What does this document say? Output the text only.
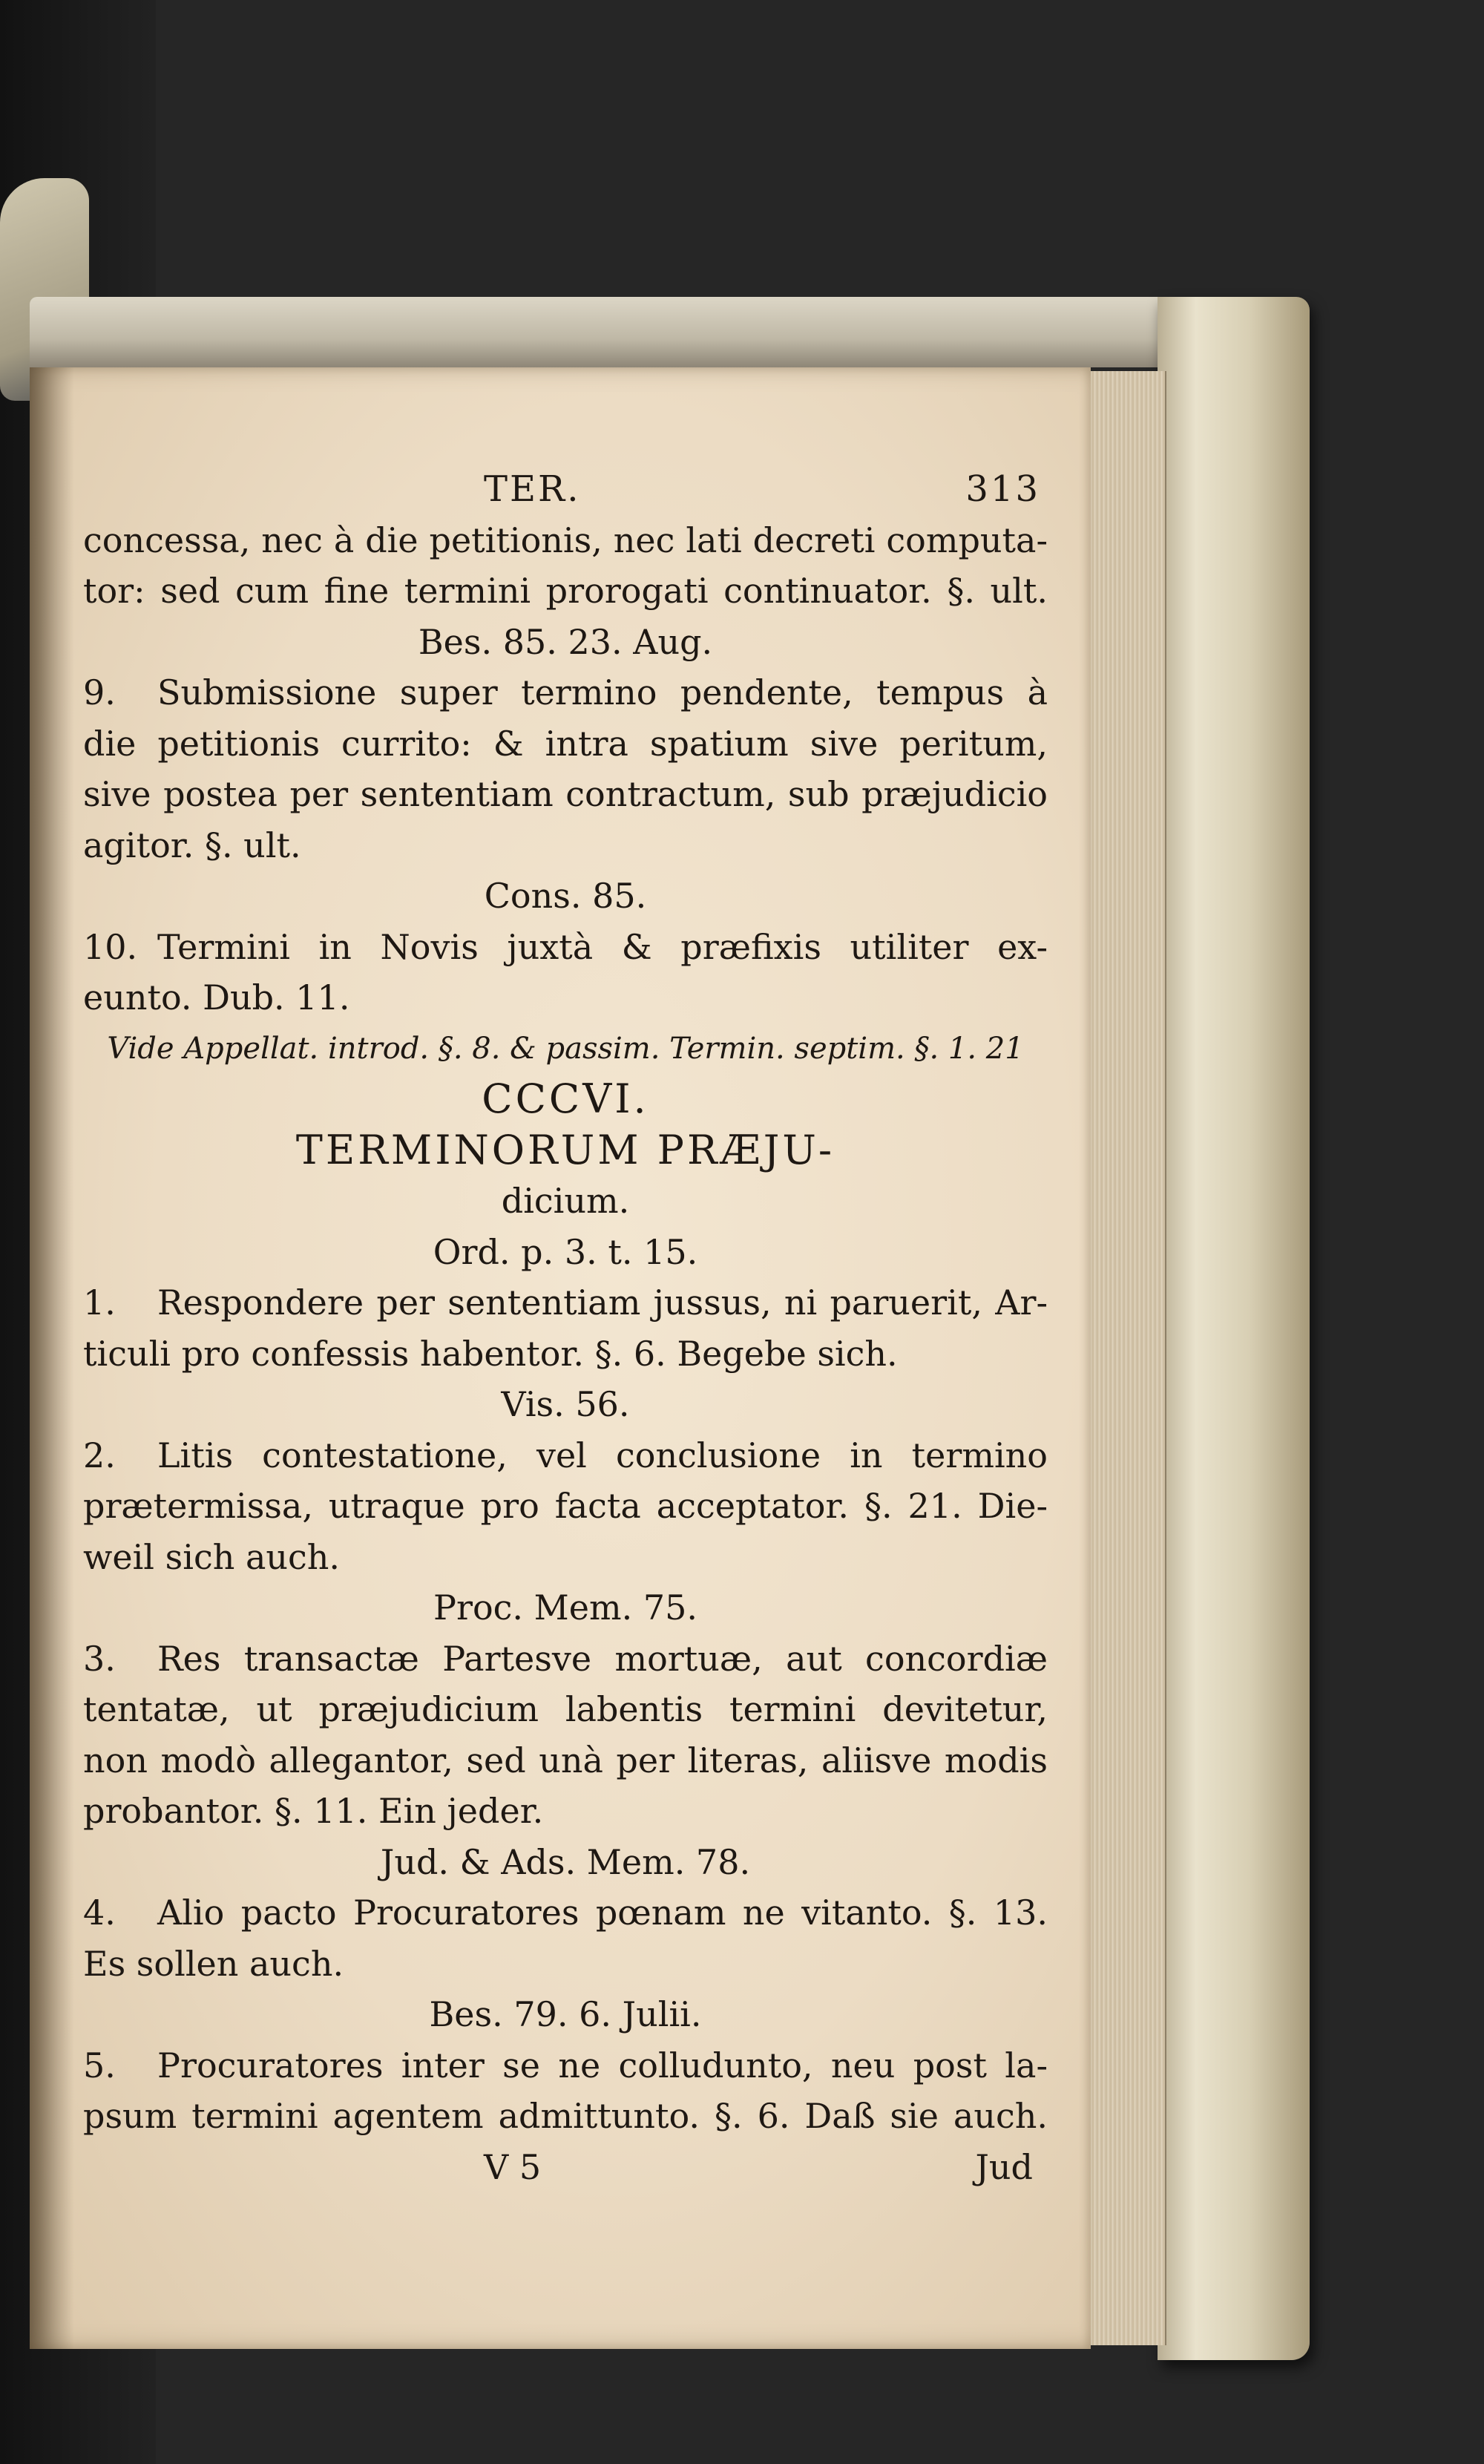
TER.	313
concessa, nec à die petitionis, nec lati decreti computa-
tor: sed cum fine termini prorogati continuator. §. ult.
Bes. 85. 23. Aug.
9. Submissione super termino pendente, tempus à
die petitionis currito: & intra spatium sive peritum,
sive postea per sententiam contractum, sub præjudicio
agitor. §. ult.
Cons. 85.
10. Termini in Novis juxtà & præfixis utiliter ex-
eunto. Dub. 11.
Vide Appellat. introd. §. 8. & passim. Termin. septim. §. 1. 21
CCCVI.
TERMINORUM PRÆJU-
dicium.
Ord. p. 3. t. 15.
1. Respondere per sententiam jussus, ni paruerit, Ar-
ticuli pro confessis habentor. §. 6. Begebe sich.
Vis. 56.
2. Litis contestatione, vel conclusione in termino
prætermissa, utraque pro facta acceptator. §. 21. Die-
weil sich auch.
Proc. Mem. 75.
3. Res transactæ Partesve mortuæ, aut concordiæ
tentatæ, ut præjudicium labentis termini devitetur,
non modò allegantor, sed unà per literas, aliisve modis
probantor. §. 11. Ein jeder.
Jud. & Ads. Mem. 78.
4. Alio pacto Procuratores pœnam ne vitanto. §. 13.
Es sollen auch.
Bes. 79. 6. Julii.
5. Procuratores inter se ne colludunto, neu post la-
psum termini agentem admittunto. §. 6. Daß sie auch.
V 5	Jud
